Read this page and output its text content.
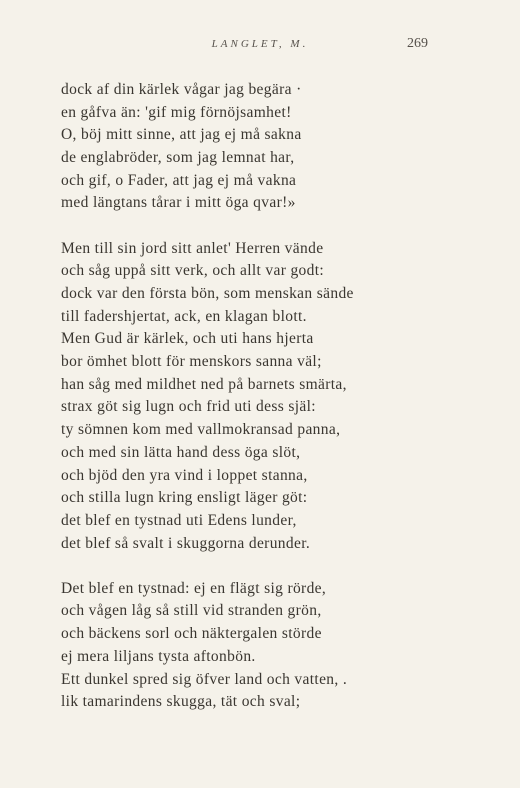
LANGLET, M.	269
dock af din kärlek vågar jag begära ·
en gåfva än: 'gif mig förnöjsamhet!
O, böj mitt sinne, att jag ej må sakna
de englabröder, som jag lemnat har,
och gif, o Fader, att jag ej må vakna
med längtans tårar i mitt öga qvar!»
Men till sin jord sitt anlet' Herren vände
och såg uppå sitt verk, och allt var godt:
dock var den första bön, som menskan sände
till fadershjertat, ack, en klagan blott.
Men Gud är kärlek, och uti hans hjerta
bor ömhet blott för menskors sanna väl;
han såg med mildhet ned på barnets smärta,
strax göt sig lugn och frid uti dess själ:
ty sömnen kom med vallmokransad panna,
och med sin lätta hand dess öga slöt,
och bjöd den yra vind i loppet stanna,
och stilla lugn kring ensligt läger göt:
det blef en tystnad uti Edens lunder,
det blef så svalt i skuggorna derunder.
Det blef en tystnad: ej en flägt sig rörde,
och vågen låg så still vid stranden grön,
och bäckens sorl och näktergalen störde
ej mera liljans tysta aftonbön.
Ett dunkel spred sig öfver land och vatten, .
lik tamarindens skugga, tät och sval;
